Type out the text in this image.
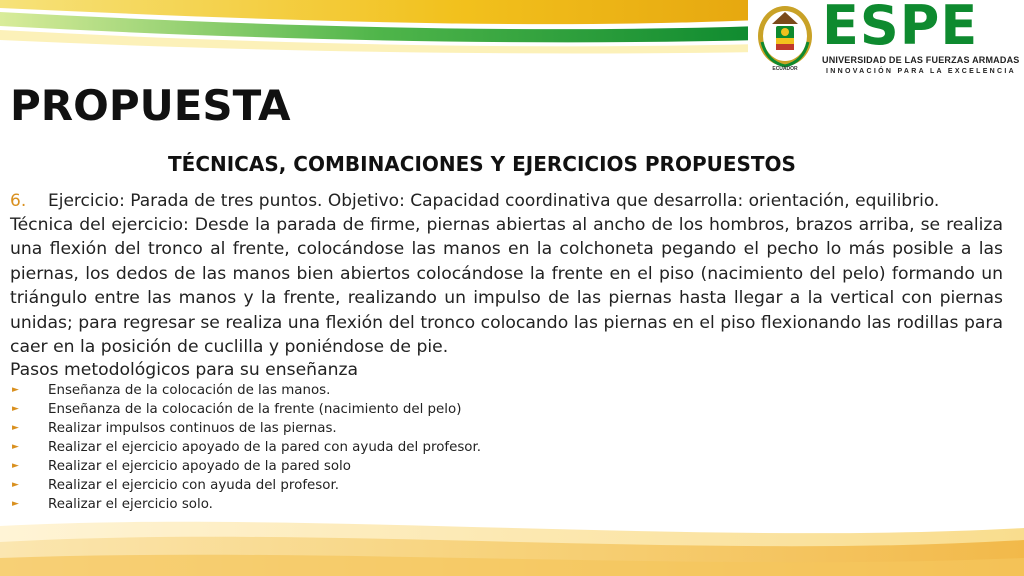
ECUADOR
ESPE
UNIVERSIDAD DE LAS FUERZAS ARMADAS
INNOVACIÓN PARA LA EXCELENCIA
PROPUESTA
TÉCNICAS, COMBINACIONES Y EJERCICIOS PROPUESTOS
6. Ejercicio: Parada de tres puntos. Objetivo: Capacidad coordinativa que desarrolla: orientación, equilibrio.

Técnica del ejercicio: Desde la parada de firme, piernas abiertas al ancho de los hombros, brazos arriba, se realiza una flexión del tronco al frente, colocándose las manos en la colchoneta pegando el pecho lo más posible a las piernas, los dedos de las manos bien abiertos colocándose la frente en el piso (nacimiento del pelo) formando un triángulo entre las manos y la frente, realizando un impulso de las piernas hasta llegar a la vertical con piernas unidas; para regresar se realiza una flexión del tronco colocando las piernas en el piso flexionando las rodillas para caer en la posición de cuclilla y poniéndose de pie.

Pasos metodológicos para su enseñanza

► Enseñanza de la colocación de las manos.
► Enseñanza de la colocación de la frente (nacimiento del pelo)
► Realizar impulsos continuos de las piernas.
► Realizar el ejercicio apoyado de la pared con ayuda del profesor.
► Realizar el ejercicio apoyado de la pared solo
► Realizar el ejercicio con ayuda del profesor.
► Realizar el ejercicio solo.
